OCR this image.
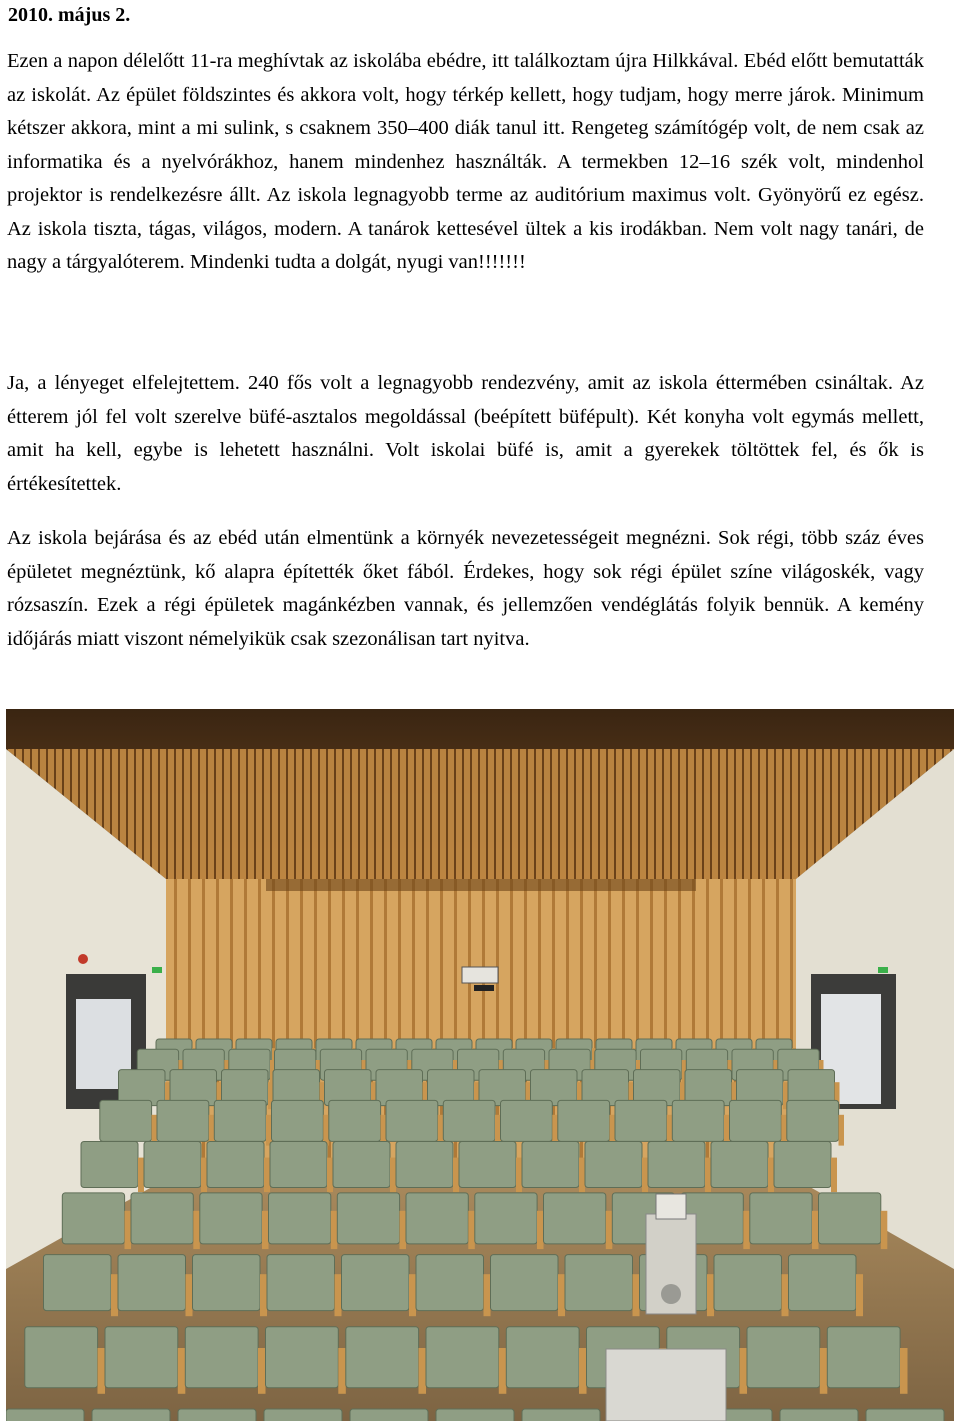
2010. május 2.

Ezen a napon délelőtt 11-ra meghívtak az iskolába ebédre, itt találkoztam újra Hilkkával. Ebéd előtt bemutatták az iskolát. Az épület földszintes és akkora volt, hogy térkép kellett, hogy tudjam, hogy merre járok. Minimum kétszer akkora, mint a mi sulink, s csaknem 350–400 diák tanul itt. Rengeteg számítógép volt, de nem csak az informatika és a nyelvórákhoz, hanem mindenhez használták. A termekben 12–16 szék volt, mindenhol projektor is rendelkezésre állt. Az iskola legnagyobb terme az auditórium maximus volt. Gyönyörű ez egész. Az iskola tiszta, tágas, világos, modern. A tanárok kettesével ültek a kis irodákban. Nem volt nagy tanári, de nagy a tárgyalóterem. Mindenki tudta a dolgát, nyugi van!!!!!!!

Ja, a lényeget elfelejtettem. 240 fős volt a legnagyobb rendezvény, amit az iskola éttermében csináltak. Az étterem jól fel volt szerelve büfé-asztalos megoldással (beépített büfépult). Két konyha volt egymás mellett, amit ha kell, egybe is lehetett használni. Volt iskolai büfé is, amit a gyerekek töltöttek fel, és ők is értékesítettek.

Az iskola bejárása és az ebéd után elmentünk a környék nevezetességeit megnézni. Sok régi, több száz éves épületet megnéztünk, kő alapra építették őket fából. Érdekes, hogy sok régi épület színe világoskék, vagy rózsaszín. Ezek a régi épületek magánkézben vannak, és jellemzően vendéglátás folyik bennük. A kemény időjárás miatt viszont némelyikük csak szezonálisan tart nyitva.
